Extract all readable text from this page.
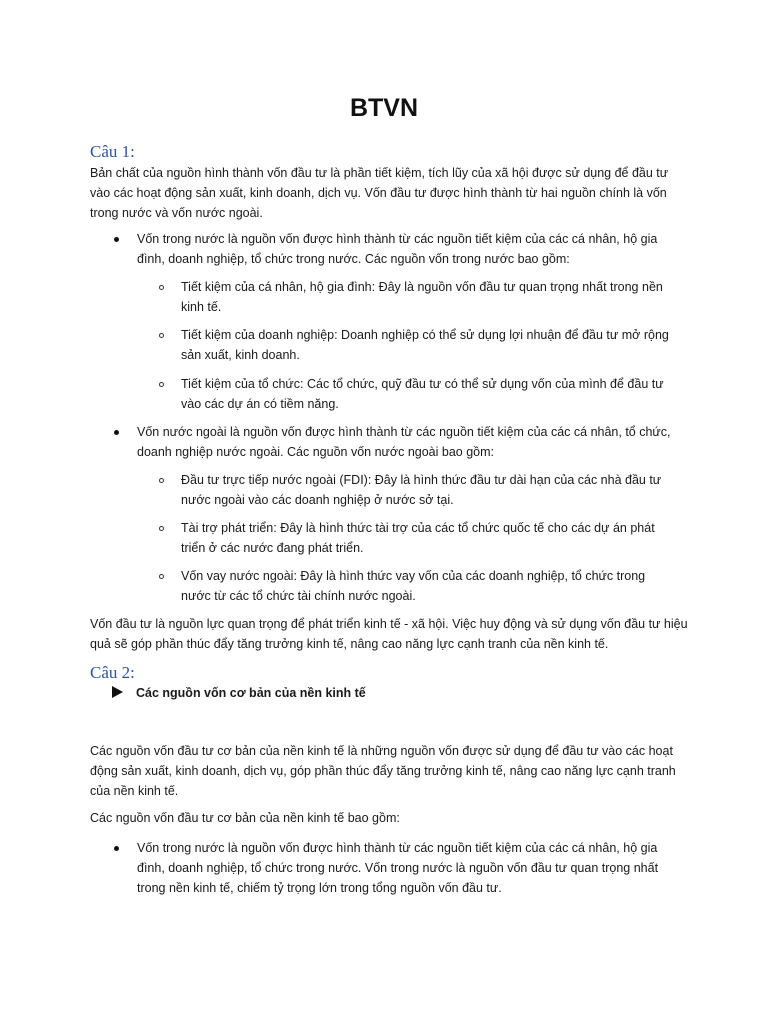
BTVN
Câu 1:

Bản chất của nguồn hình thành vốn đầu tư là phần tiết kiệm, tích lũy của xã hội được sử dụng để đầu tư vào các hoạt động sản xuất, kinh doanh, dịch vụ. Vốn đầu tư được hình thành từ hai nguồn chính là vốn trong nước và vốn nước ngoài.

Vốn trong nước là nguồn vốn được hình thành từ các nguồn tiết kiệm của các cá nhân, hộ gia đình, doanh nghiệp, tổ chức trong nước. Các nguồn vốn trong nước bao gồm:

Tiết kiệm của cá nhân, hộ gia đình: Đây là nguồn vốn đầu tư quan trọng nhất trong nền kinh tế.

Tiết kiệm của doanh nghiệp: Doanh nghiệp có thể sử dụng lợi nhuận để đầu tư mở rộng sản xuất, kinh doanh.

Tiết kiệm của tổ chức: Các tổ chức, quỹ đầu tư có thể sử dụng vốn của mình để đầu tư vào các dự án có tiềm năng.

Vốn nước ngoài là nguồn vốn được hình thành từ các nguồn tiết kiệm của các cá nhân, tổ chức, doanh nghiệp nước ngoài. Các nguồn vốn nước ngoài bao gồm:

Đầu tư trực tiếp nước ngoài (FDI): Đây là hình thức đầu tư dài hạn của các nhà đầu tư nước ngoài vào các doanh nghiệp ở nước sở tại.

Tài trợ phát triển: Đây là hình thức tài trợ của các tổ chức quốc tế cho các dự án phát triển ở các nước đang phát triển.

Vốn vay nước ngoài: Đây là hình thức vay vốn của các doanh nghiệp, tổ chức trong nước từ các tổ chức tài chính nước ngoài.

Vốn đầu tư là nguồn lực quan trọng để phát triển kinh tế - xã hội. Việc huy động và sử dụng vốn đầu tư hiệu quả sẽ góp phần thúc đẩy tăng trưởng kinh tế, nâng cao năng lực cạnh tranh của nền kinh tế.

Câu 2:
Các nguồn vốn cơ bản của nền kinh tế

Các nguồn vốn đầu tư cơ bản của nền kinh tế là những nguồn vốn được sử dụng để đầu tư vào các hoạt động sản xuất, kinh doanh, dịch vụ, góp phần thúc đẩy tăng trưởng kinh tế, nâng cao năng lực cạnh tranh của nền kinh tế.

Các nguồn vốn đầu tư cơ bản của nền kinh tế bao gồm:

Vốn trong nước là nguồn vốn được hình thành từ các nguồn tiết kiệm của các cá nhân, hộ gia đình, doanh nghiệp, tổ chức trong nước. Vốn trong nước là nguồn vốn đầu tư quan trọng nhất trong nền kinh tế, chiếm tỷ trọng lớn trong tổng nguồn vốn đầu tư.
